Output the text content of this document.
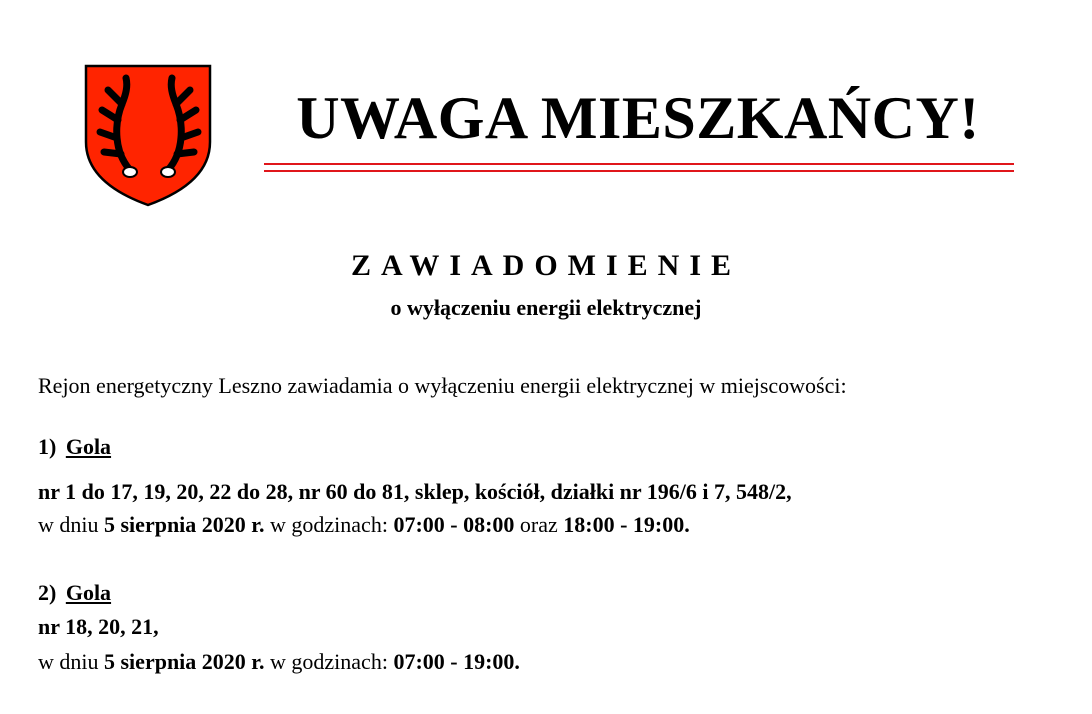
UWAGA MIESZKAŃCY!
ZAWIADOMIENIE
o wyłączeniu energii elektrycznej
Rejon energetyczny Leszno zawiadamia o wyłączeniu energii elektrycznej w miejscowości:
1) Gola
nr 1 do 17, 19, 20, 22 do 28, nr 60 do 81, sklep, kościół, działki nr 196/6 i 7, 548/2,
w dniu 5 sierpnia 2020 r. w godzinach: 07:00 - 08:00 oraz 18:00 - 19:00.
2) Gola
nr 18, 20, 21,
w dniu 5 sierpnia 2020 r. w godzinach: 07:00 - 19:00.
